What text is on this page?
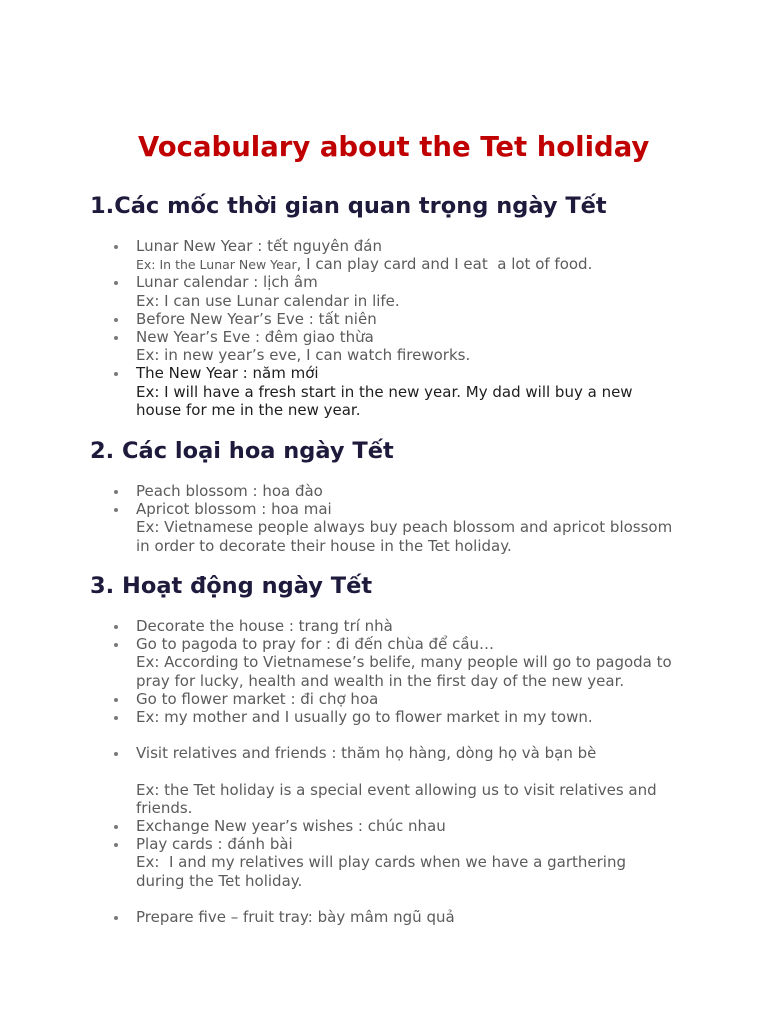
Vocabulary about the Tet holiday
1.Các mốc thời gian quan trọng ngày Tết
Lunar New Year : tết nguyên đán
Ex: In the Lunar New Year, I can play card and I eat  a lot of food.
Lunar calendar : lịch âm
Ex: I can use Lunar calendar in life.
Before New Year’s Eve : tất niên
New Year’s Eve : đêm giao thừa
Ex: in new year’s eve, I can watch fireworks.
The New Year : năm mới
Ex: I will have a fresh start in the new year. My dad will buy a new
house for me in the new year.
2. Các loại hoa ngày Tết
Peach blossom : hoa đào
Apricot blossom : hoa mai
Ex: Vietnamese people always buy peach blossom and apricot blossom
in order to decorate their house in the Tet holiday.
3. Hoạt động ngày Tết
Decorate the house : trang trí nhà
Go to pagoda to pray for : đi đến chùa để cầu…
Ex: According to Vietnamese’s belife, many people will go to pagoda to
pray for lucky, health and wealth in the first day of the new year.
Go to flower market : đi chợ hoa
Ex: my mother and I usually go to flower market in my town.
Visit relatives and friends : thăm họ hàng, dòng họ và bạn bè
Ex: the Tet holiday is a special event allowing us to visit relatives and
friends.
Exchange New year’s wishes : chúc nhau
Play cards : đánh bài
Ex:  I and my relatives will play cards when we have a garthering
during the Tet holiday.
Prepare five – fruit tray: bày mâm ngũ quả
